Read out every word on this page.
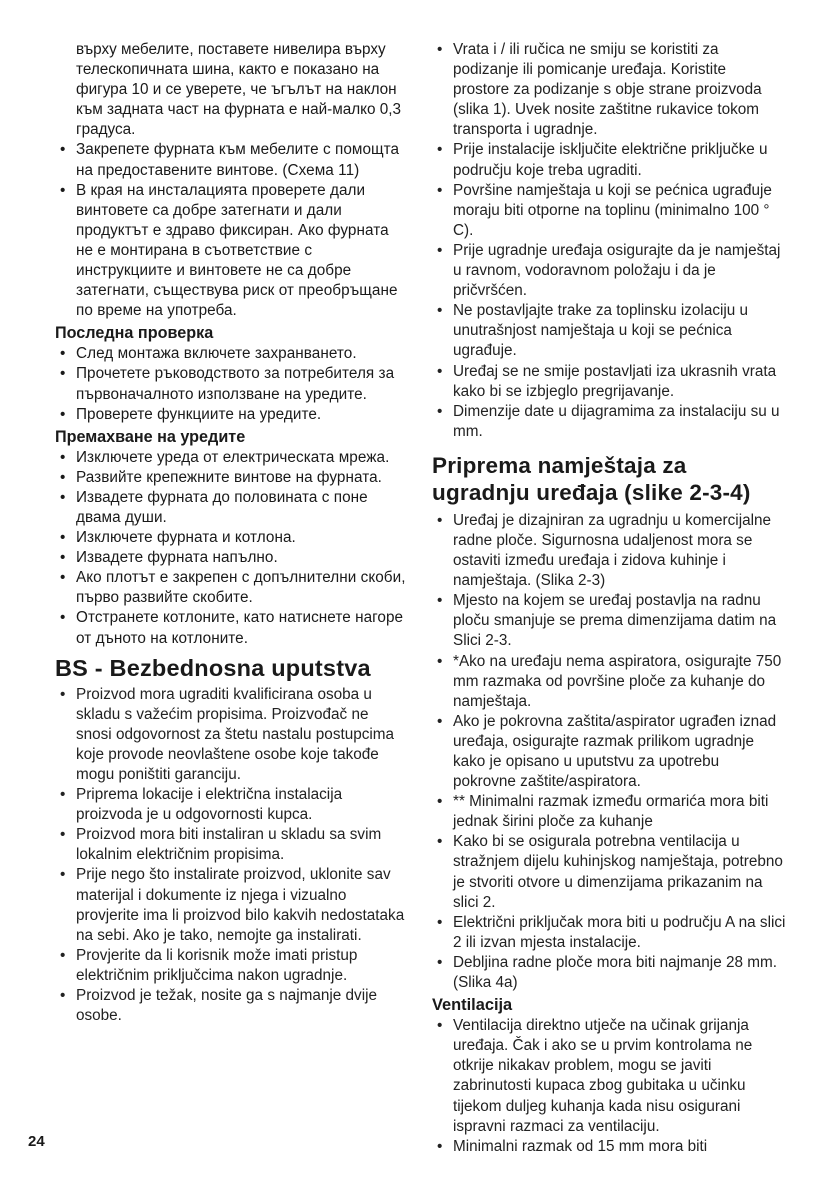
върху мебелите, поставете нивелира върху телескопичната шина, както е показано на фигура 10 и се уверете, че ъгълът на наклон към задната част на фурната е най-малко 0,3 градуса.

• Закрепете фурната към мебелите с помощта на предоставените винтове. (Схема 11)
• В края на инсталацията проверете дали винтовете са добре затегнати и дали продуктът е здраво фиксиран. Ако фурната не е монтирана в съответствие с инструкциите и винтовете не са добре затегнати, съществува риск от преобръщане по време на употреба.
Последна проверка
• След монтажа включете захранването.
• Прочетете ръководството за потребителя за първоначалното използване на уредите.
• Проверете функциите на уредите.
Премахване на уредите
• Изключете уреда от електрическата мрежа.
• Развийте крепежните винтове на фурната.
• Извадете фурната до половината с поне двама души.
• Изключете фурната и котлона.
• Извадете фурната напълно.
• Ако плотът е закрепен с допълнителни скоби, първо развийте скобите.
• Отстранете котлоните, като натиснете нагоре от дъното на котлоните.
BS - Bezbednosna uputstva
• Proizvod mora ugraditi kvalificirana osoba u skladu s važećim propisima. Proizvođač ne snosi odgovornost za štetu nastalu postupcima koje provode neovlaštene osobe koje takođe mogu poništiti garanciju.
• Priprema lokacije i električna instalacija proizvoda je u odgovornosti kupca.
• Proizvod mora biti instaliran u skladu sa svim lokalnim električnim propisima.
• Prije nego što instalirate proizvod, uklonite sav materijal i dokumente iz njega i vizualno provjerite ima li proizvod bilo kakvih nedostataka na sebi. Ako je tako, nemojte ga instalirati.
• Provjerite da li korisnik može imati pristup električnim priključcima nakon ugradnje.
• Proizvod je težak, nosite ga s najmanje dvije osobe.
• Vrata i / ili ručica ne smiju se koristiti za podizanje ili pomicanje uređaja. Koristite prostore za podizanje s obje strane proizvoda (slika 1). Uvek nosite zaštitne rukavice tokom transporta i ugradnje.
• Prije instalacije isključite električne priključke u području koje treba ugraditi.
• Površine namještaja u koji se pećnica ugrađuje moraju biti otporne na toplinu (minimalno 100 ° C).
• Prije ugradnje uređaja osigurajte da je namještaj u ravnom, vodoravnom položaju i da je pričvršćen.
• Ne postavljajte trake za toplinsku izolaciju u unutrašnjost namještaja u koji se pećnica ugrađuje.
• Uređaj se ne smije postavljati iza ukrasnih vrata kako bi se izbjeglo pregrijavanje.
• Dimenzije date u dijagramima za instalaciju su u mm.
Priprema namještaja za ugradnju uređaja (slike 2-3-4)
• Uređaj je dizajniran za ugradnju u komercijalne radne ploče. Sigurnosna udaljenost mora se ostaviti između uređaja i zidova kuhinje i namještaja. (Slika 2-3)
• Mjesto na kojem se uređaj postavlja na radnu ploču smanjuje se prema dimenzijama datim na Slici 2-3.
• *Ako na uređaju nema aspiratora, osigurajte 750 mm razmaka od površine ploče za kuhanje do namještaja.
• Ako je pokrovna zaštita/aspirator ugrađen iznad uređaja, osigurajte razmak prilikom ugradnje kako je opisano u uputstvu za upotrebu pokrovne zaštite/aspiratora.
• ** Minimalni razmak između ormarića mora biti jednak širini ploče za kuhanje
• Kako bi se osigurala potrebna ventilacija u stražnjem dijelu kuhinjskog namještaja, potrebno je stvoriti otvore u dimenzijama prikazanim na slici 2.
• Električni priključak mora biti u području A na slici 2 ili izvan mjesta instalacije.
• Debljina radne ploče mora biti najmanje 28 mm. (Slika 4a)
Ventilacija
• Ventilacija direktno utječe na učinak grijanja uređaja. Čak i ako se u prvim kontrolama ne otkrije nikakav problem, mogu se javiti zabrinutosti kupaca zbog gubitaka u učinku tijekom duljeg kuhanja kada nisu osigurani ispravni razmaci za ventilaciju.
• Minimalni razmak od 15 mm mora biti
24
